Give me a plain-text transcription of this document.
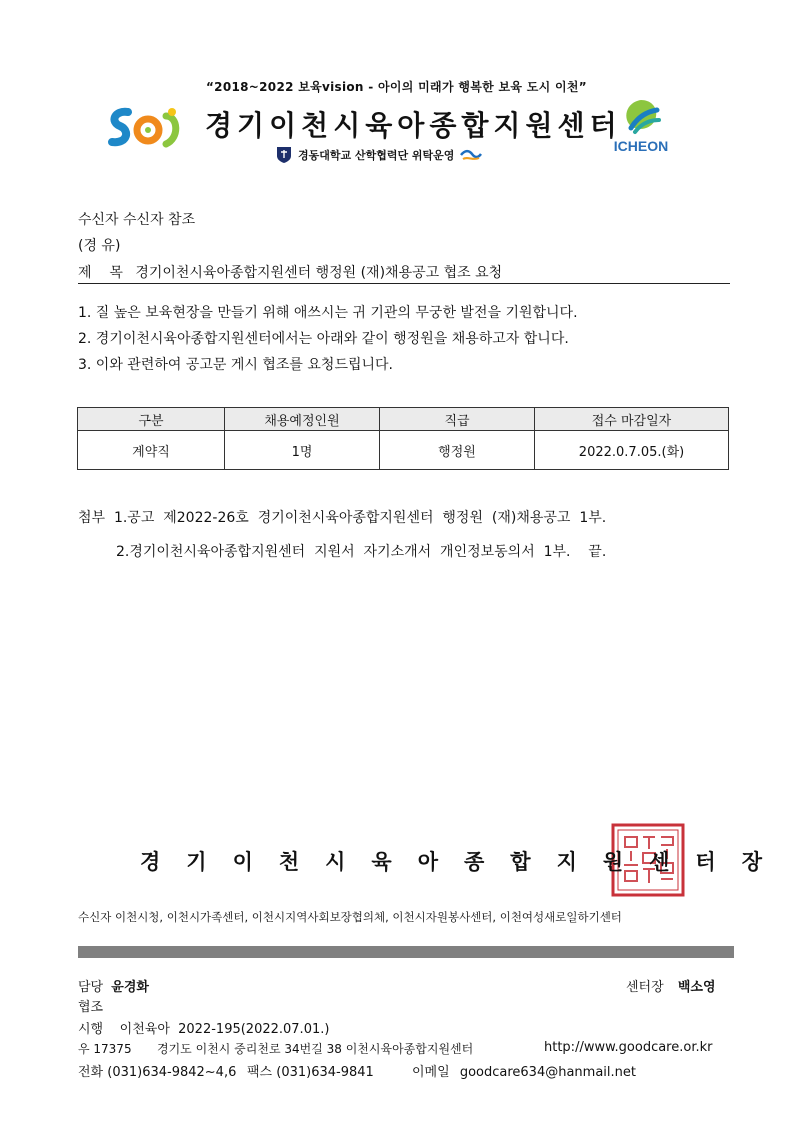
“2018~2022 보육vision - 아이의 미래가 행복한 보육 도시 이천”
경기이천시육아종합지원센터
경동대학교 산학협력단 위탁운영
ICHEON
수신자 수신자 참조
(경 유)
제    목 경기이천시육아종합지원센터 행정원 (재)채용공고 협조 요청
1. 질 높은 보육현장을 만들기 위해 애쓰시는 귀 기관의 무궁한 발전을 기원합니다.
2. 경기이천시육아종합지원센터에서는 아래와 같이 행정원을 채용하고자 합니다.
3. 이와 관련하여 공고문 게시 협조를 요청드립니다.
구분	채용예정인원	직급	접수 마감일자
계약직	1명	행정원	2022.0.7.05.(화)
첨부  1.공고  제2022-26호  경기이천시육아종합지원센터  행정원  (재)채용공고  1부.
2.경기이천시육아종합지원센터  지원서  자기소개서  개인정보동의서  1부.    끝.
경기이천시육아종합지원센터장
수신자 이천시청, 이천시가족센터, 이천시지역사회보장협의체, 이천시자원봉사센터, 이천여성새로일하기센터
담당 윤경화	센터장 백소영
협조
시행    이천육아  2022-195(2022.07.01.)
우 17375 경기도 이천시 중리천로 34번길 38 이천시육아종합지원센터	http://www.goodcare.or.kr
전화 (031)634-9842~4,6 팩스 (031)634-9841	이메일 goodcare634@hanmail.net
